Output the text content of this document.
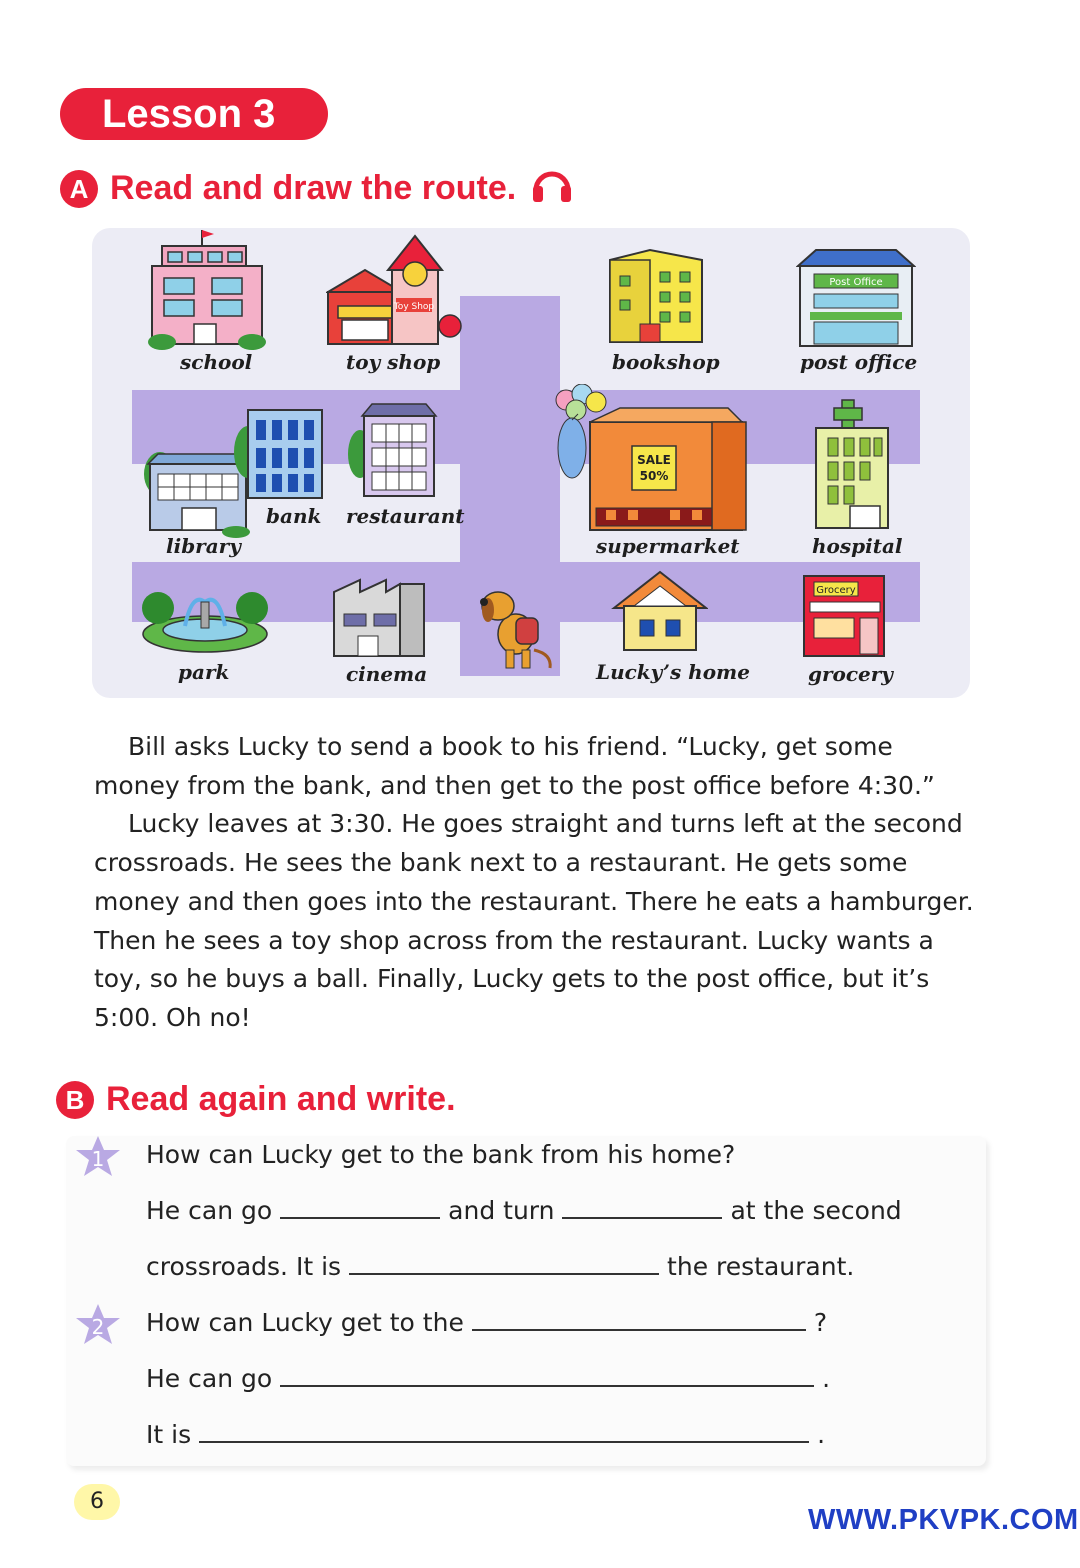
Lesson 3
A Read and draw the route.
school
Toy Shop
toy shop	bookshop
Post Office
post office
library
bank restaurant
SALE
50%
supermarket	hospital
park	cinema	Lucky’s home
Grocery
grocery

Bill asks Lucky to send a book to his friend. “Lucky, get some money from the bank, and then get to the post office before 4:30.”

Lucky leaves at 3:30. He goes straight and turns left at the second crossroads. He sees the bank next to a restaurant. He gets some money and then goes into the restaurant. There he eats a hamburger. Then he sees a toy shop across from the restaurant. Lucky wants a toy, so he buys a ball. Finally, Lucky gets to the post office, but it’s 5:00. Oh no!

B Read again and write.
1 How can Lucky get to the bank from his home?
He can go	and turn	at the second
crossroads. It is	the restaurant.
2 How can Lucky get to the	?
He can go	.
It is	.
6
WWW.PKVPK.COM
